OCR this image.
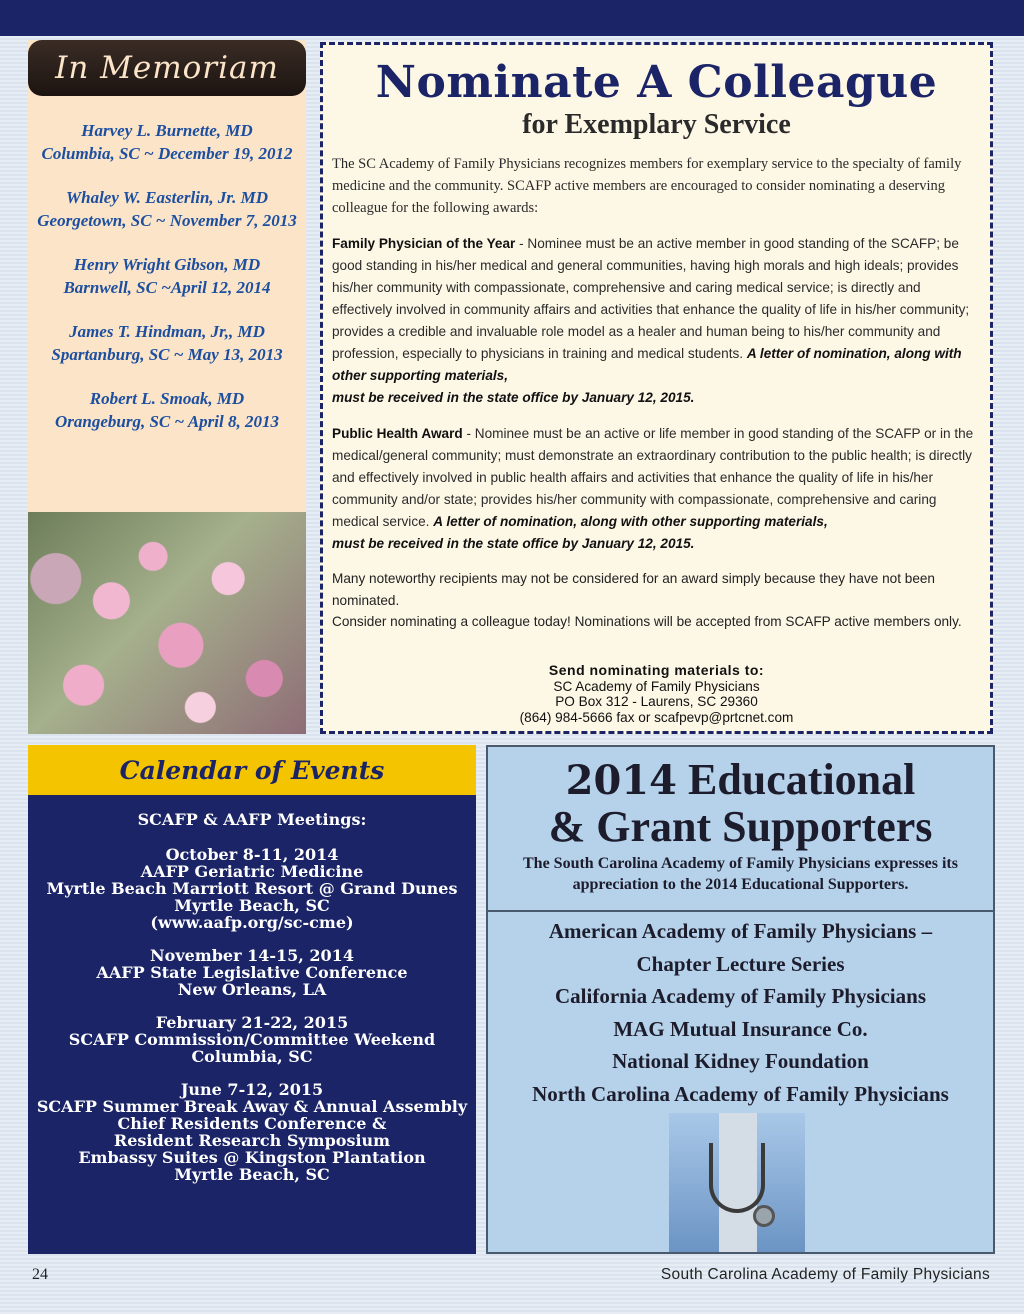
In Memoriam
Harvey L. Burnette, MD
Columbia, SC ~ December 19, 2012
Whaley W. Easterlin, Jr. MD
Georgetown, SC ~ November 7, 2013
Henry Wright Gibson, MD
Barnwell, SC ~April 12, 2014
James T. Hindman, Jr,, MD
Spartanburg, SC ~ May 13, 2013
Robert L. Smoak, MD
Orangeburg, SC ~ April 8, 2013
Nominate A Colleague
for Exemplary Service

The SC Academy of Family Physicians recognizes members for exemplary service to the specialty of family medicine and the community. SCAFP active members are encouraged to consider nominating a deserving colleague for the following awards:

Family Physician of the Year - Nominee must be an active member in good standing of the SCAFP; be good standing in his/her medical and general communities, having high morals and high ideals; provides his/her community with compassionate, comprehensive and caring medical service; is directly and effectively involved in community affairs and activities that enhance the quality of life in his/her community; provides a credible and invaluable role model as a healer and human being to his/her community and profession, especially to physicians in training and medical students. A letter of nomination, along with other supporting materials,
must be received in the state office by January 12, 2015.

Public Health Award - Nominee must be an active or life member in good standing of the SCAFP or in the medical/general community; must demonstrate an extraordinary contribution to the public health; is directly and effectively involved in public health affairs and activities that enhance the quality of life in his/her community and/or state; provides his/her community with compassionate, comprehensive and caring medical service. A letter of nomination, along with other supporting materials,
must be received in the state office by January 12, 2015.

Many noteworthy recipients may not be considered for an award simply because they have not been nominated.

Consider nominating a colleague today! Nominations will be accepted from SCAFP active members only.

Send nominating materials to:
SC Academy of Family Physicians
PO Box 312 - Laurens, SC 29360
(864) 984-5666 fax or scafpevp@prtcnet.com
Calendar of Events
SCAFP & AAFP Meetings:
October 8-11, 2014
AAFP Geriatric Medicine
Myrtle Beach Marriott Resort @ Grand Dunes
Myrtle Beach, SC
(www.aafp.org/sc-cme)
November 14-15, 2014
AAFP State Legislative Conference
New Orleans, LA
February 21-22, 2015
SCAFP Commission/Committee Weekend
Columbia, SC
June 7-12, 2015
SCAFP Summer Break Away & Annual Assembly
Chief Residents Conference &
Resident Research Symposium
Embassy Suites @ Kingston Plantation
Myrtle Beach, SC
2014 Educational
& Grant Supporters

The South Carolina Academy of Family Physicians expresses its appreciation to the 2014 Educational Supporters.

American Academy of Family Physicians –
Chapter Lecture Series
California Academy of Family Physicians
MAG Mutual Insurance Co.
National Kidney Foundation
North Carolina Academy of Family Physicians
24	South Carolina Academy of Family Physicians
